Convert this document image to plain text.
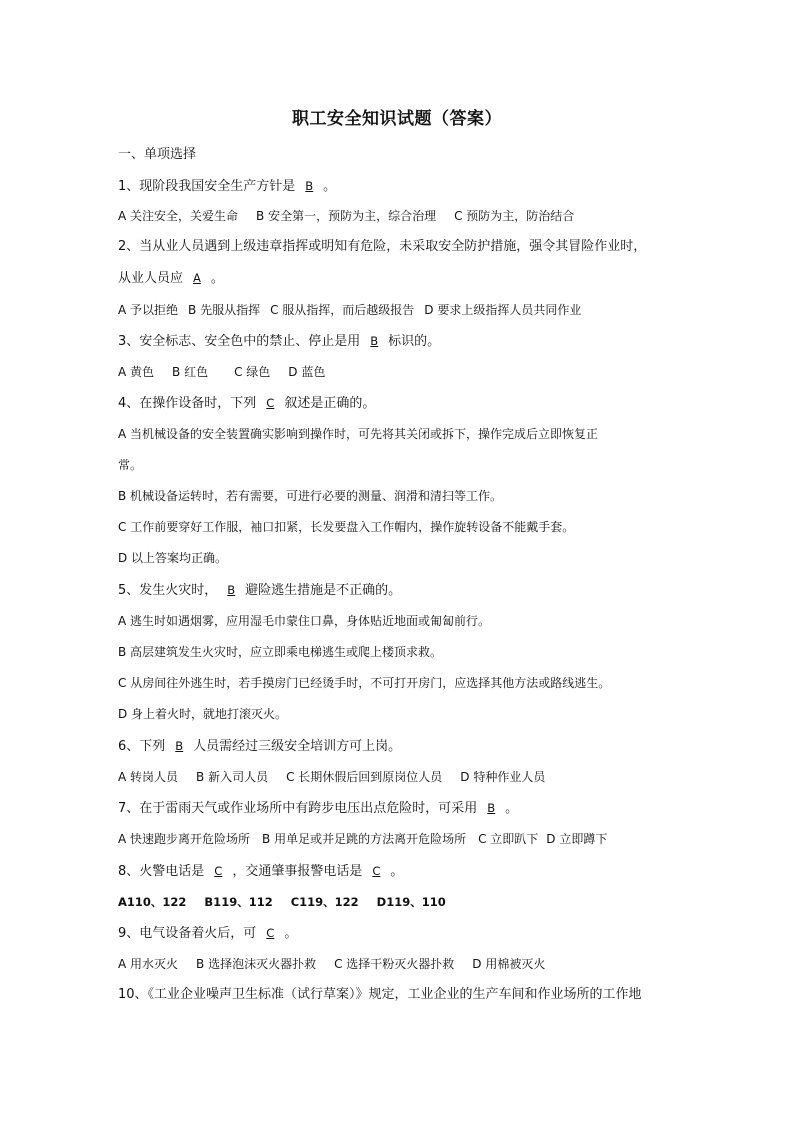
职工安全知识试题（答案）
一、单项选择
1、现阶段我国安全生产方针是 B 。
A 关注安全，关爱生命 B 安全第一，预防为主，综合治理 C 预防为主，防治结合
2、当从业人员遇到上级违章指挥或明知有危险，未采取安全防护措施，强令其冒险作业时，
从业人员应 A 。
A 予以拒绝 B 先服从指挥 C 服从指挥，而后越级报告 D 要求上级指挥人员共同作业
3、安全标志、安全色中的禁止、停止是用 B 标识的。
A 黄色 B 红色 C 绿色 D 蓝色
4、在操作设备时，下列 C 叙述是正确的。
A 当机械设备的安全装置确实影响到操作时，可先将其关闭或拆下，操作完成后立即恢复正
常。
B 机械设备运转时，若有需要，可进行必要的测量、润滑和清扫等工作。
C 工作前要穿好工作服，袖口扣紧，长发要盘入工作帽内，操作旋转设备不能戴手套。
D 以上答案均正确。
5、发生火灾时， B 避险逃生措施是不正确的。
A 逃生时如遇烟雾，应用湿毛巾蒙住口鼻，身体贴近地面或匍匐前行。
B 高层建筑发生火灾时，应立即乘电梯逃生或爬上楼顶求救。
C 从房间往外逃生时，若手摸房门已经烫手时，不可打开房门，应选择其他方法或路线逃生。
D 身上着火时，就地打滚灭火。
6、下列 B 人员需经过三级安全培训方可上岗。
A 转岗人员 B 新入司人员 C 长期休假后回到原岗位人员 D 特种作业人员
7、在于雷雨天气或作业场所中有跨步电压出点危险时，可采用 B 。
A 快速跑步离开危险场所 B 用单足或并足跳的方法离开危险场所 C 立即趴下 D 立即蹲下
8、火警电话是 C ，交通肇事报警电话是 C 。
A110、122 B119、112 C119、122 D119、110
9、电气设备着火后，可 C 。
A 用水灭火 B 选择泡沫灭火器扑救 C 选择干粉灭火器扑救 D 用棉被灭火
10、《工业企业噪声卫生标准（试行草案）》规定，工业企业的生产车间和作业场所的工作地
